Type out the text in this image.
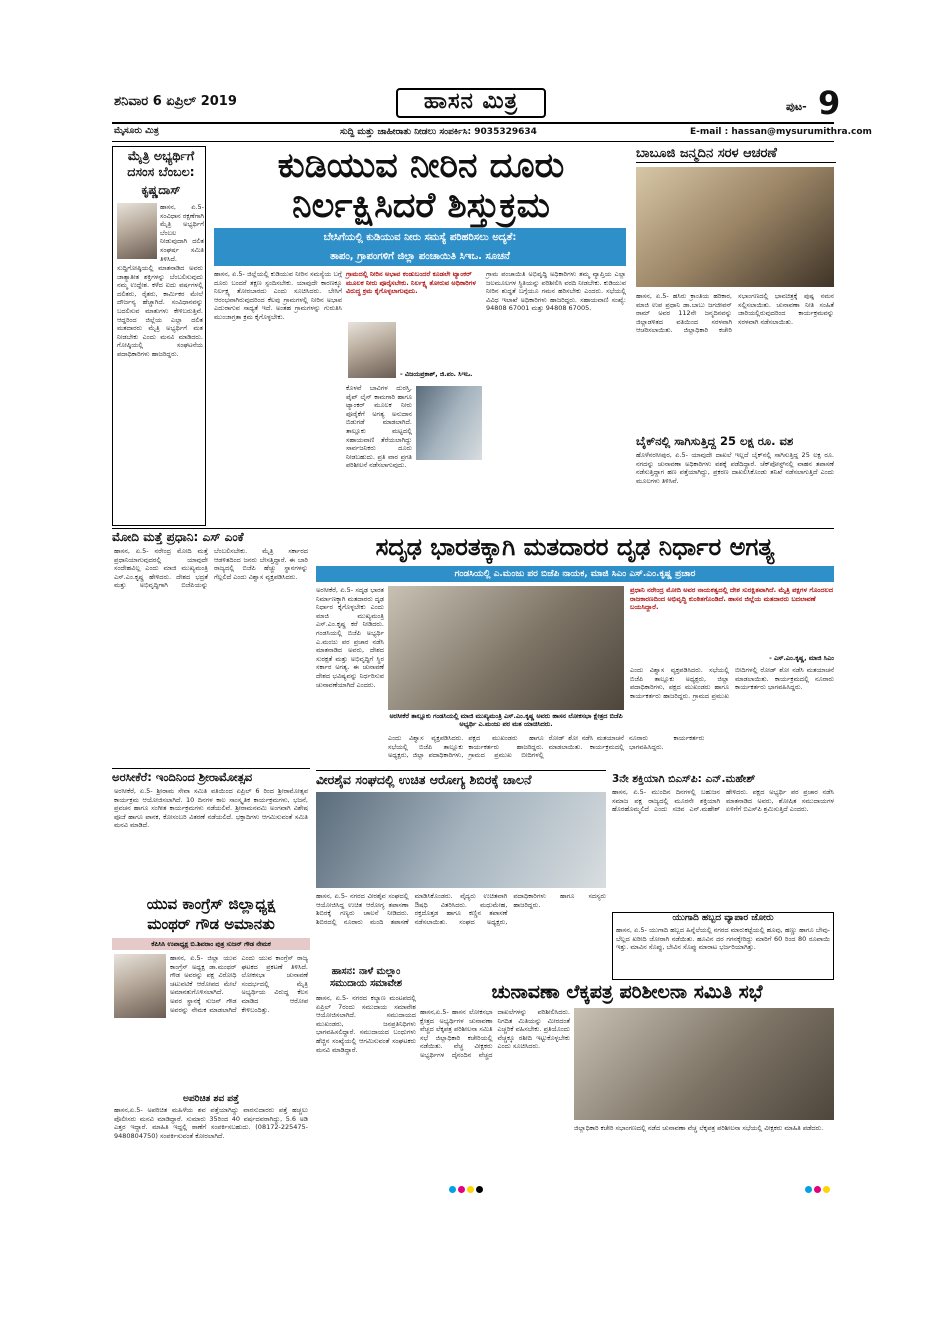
ಶನಿವಾರ 6 ಏಪ್ರಿಲ್ 2019	ಹಾಸನ ಮಿತ್ರ	ಪುಟ- 9
ಮೈಸೂರು ಮಿತ್ರ	ಸುದ್ದಿ ಮತ್ತು ಜಾಹೀರಾತು ನೀಡಲು ಸಂಪರ್ಕಿಸಿ: 9035329634	E-mail : hassan@mysurumithra.com
ಮೈತ್ರಿ ಅಭ್ಯರ್ಥಿಗೆ
ದಸಂಸ ಬೆಂಬಲ:
ಕೃಷ್ಣದಾಸ್
ಹಾಸನ, ಏ.5- ಸಂವಿಧಾನ ರಕ್ಷಣೆಗಾಗಿ ಮೈತ್ರಿ ಅಭ್ಯರ್ಥಿಗೆ ಬೆಂಬಲ ನೀಡುವುದಾಗಿ ದಲಿತ ಸಂಘರ್ಷ ಸಮಿತಿ ತಿಳಿಸಿದೆ.
ಸುದ್ದಿಗೋಷ್ಠಿಯಲ್ಲಿ ಮಾತನಾಡಿದ ಅವರು ಜಾತ್ಯಾತೀತ ಶಕ್ತಿಗಳನ್ನು ಬೆಂಬಲಿಸುವುದು ನಮ್ಮ ಉದ್ದೇಶ. ಕಳೆದ ಐದು ವರ್ಷಗಳಲ್ಲಿ ದಲಿತರು, ರೈತರು, ಕಾರ್ಮಿಕರ ಮೇಲೆ ದೌರ್ಜನ್ಯ ಹೆಚ್ಚಾಗಿದೆ. ಸಂವಿಧಾನವನ್ನು ಬದಲಿಸುವ ಮಾತುಗಳು ಕೇಳಿಬರುತ್ತಿವೆ. ಆದ್ದರಿಂದ ಜಿಲ್ಲೆಯ ಎಲ್ಲಾ ದಲಿತ ಮತದಾರರು ಮೈತ್ರಿ ಅಭ್ಯರ್ಥಿಗೆ ಮತ ನೀಡಬೇಕು ಎಂದು ಮನವಿ ಮಾಡಿದರು. ಗೋಷ್ಠಿಯಲ್ಲಿ ಸಂಘಟನೆಯ ಪದಾಧಿಕಾರಿಗಳು ಹಾಜರಿದ್ದರು.
ಕುಡಿಯುವ ನೀರಿನ ದೂರು
ನಿರ್ಲಕ್ಷಿಸಿದರೆ ಶಿಸ್ತುಕ್ರಮ
ಬೇಸಿಗೆಯಲ್ಲಿ ಕುಡಿಯುವ ನೀರು ಸಮಸ್ಯೆ ಪರಿಹರಿಸಲು ಅದ್ಯತೆ:
ತಾಪಂ, ಗ್ರಾಪಂಗಳಿಗೆ ಜಿಲ್ಲಾ ಪಂಚಾಯಿತಿ ಸಿಇಒ. ಸೂಚನೆ
ಹಾಸನ, ಏ.5- ಜಿಲ್ಲೆಯಲ್ಲಿ ಕುಡಿಯುವ ನೀರಿನ ಸಮಸ್ಯೆಯ ಬಗ್ಗೆ ದೂರು ಬಂದರೆ ತಕ್ಷಣ ಸ್ಪಂದಿಸಬೇಕು. ಯಾವುದೇ ಕಾರಣಕ್ಕೂ ನಿರ್ಲಕ್ಷ್ಯ ತೋರಬಾರದು ಎಂದು ಸೂಚಿಸಿದರು. ಬೇಸಿಗೆ ಆರಂಭವಾಗಿರುವುದರಿಂದ ಕೆಲವು ಗ್ರಾಮಗಳಲ್ಲಿ ನೀರಿನ ಅಭಾವ ಎದುರಾಗುವ ಸಾಧ್ಯತೆ ಇದೆ. ಅಂತಹ ಗ್ರಾಮಗಳನ್ನು ಗುರುತಿಸಿ ಮುಂಜಾಗ್ರತಾ ಕ್ರಮ ಕೈಗೊಳ್ಳಬೇಕು.
ಗ್ರಾಮದಲ್ಲಿ ನೀರಿನ ಅಭಾವ ಕಂಡುಬಂದರೆ ಕೂಡಲೇ ಟ್ಯಾಂಕರ್ ಮೂಲಕ ನೀರು ಪೂರೈಸಬೇಕು. ನಿರ್ಲಕ್ಷ್ಯ ತೋರುವ ಅಧಿಕಾರಿಗಳ ವಿರುದ್ಧ ಕ್ರಮ ಕೈಗೊಳ್ಳಲಾಗುವುದು.
- ವಿಜಯಪ್ರಕಾಶ್, ಜಿ.ಪಂ. ಸಿಇಒ.
ಕೊಳವೆ ಬಾವಿಗಳ ದುರಸ್ತಿ, ಪೈಪ್ ಲೈನ್ ಕಾಮಗಾರಿ ಹಾಗೂ ಟ್ಯಾಂಕರ್ ಮೂಲಕ ನೀರು ಪೂರೈಕೆಗೆ ಅಗತ್ಯ ಅನುದಾನ ಬಿಡುಗಡೆ ಮಾಡಲಾಗಿದೆ. ತಾಲ್ಲೂಕು ಮಟ್ಟದಲ್ಲಿ ಸಹಾಯವಾಣಿ ತೆರೆಯಲಾಗಿದ್ದು ಸಾರ್ವಜನಿಕರು ದೂರು ನೀಡಬಹುದು. ಪ್ರತಿ ವಾರ ಪ್ರಗತಿ ಪರಿಶೀಲನೆ ನಡೆಸಲಾಗುವುದು.
ಗ್ರಾಮ ಪಂಚಾಯಿತಿ ಅಭಿವೃದ್ಧಿ ಅಧಿಕಾರಿಗಳು ತಮ್ಮ ವ್ಯಾಪ್ತಿಯ ಎಲ್ಲಾ ಜಲಮೂಲಗಳ ಸ್ಥಿತಿಯನ್ನು ಪರಿಶೀಲಿಸಿ ವರದಿ ನೀಡಬೇಕು. ಕುಡಿಯುವ ನೀರಿನ ಶುದ್ಧತೆ ಬಗ್ಗೆಯೂ ಗಮನ ಹರಿಸಬೇಕು ಎಂದರು. ಸಭೆಯಲ್ಲಿ ವಿವಿಧ ಇಲಾಖೆ ಅಧಿಕಾರಿಗಳು ಹಾಜರಿದ್ದರು. ಸಹಾಯವಾಣಿ ಸಂಖ್ಯೆ: 94808 67001 ಮತ್ತು 94808 67005.
ಬಾಬೂಜಿ ಜನ್ಮದಿನ ಸರಳ ಆಚರಣೆ
ಹಾಸನ, ಏ.5- ಹಸಿರು ಕ್ರಾಂತಿಯ ಹರಿಕಾರ, ಮಾಜಿ ಉಪ ಪ್ರಧಾನಿ ಡಾ.ಬಾಬು ಜಗಜೀವನ್ ರಾಮ್ ಅವರ 112ನೇ ಜನ್ಮದಿನವನ್ನು ಜಿಲ್ಲಾಡಳಿತದ ವತಿಯಿಂದ ಸರಳವಾಗಿ ಆಚರಿಸಲಾಯಿತು. ಜಿಲ್ಲಾಧಿಕಾರಿ ಕಚೇರಿ ಸಭಾಂಗಣದಲ್ಲಿ ಭಾವಚಿತ್ರಕ್ಕೆ ಪುಷ್ಪ ನಮನ ಸಲ್ಲಿಸಲಾಯಿತು. ಚುನಾವಣಾ ನೀತಿ ಸಂಹಿತೆ ಜಾರಿಯಲ್ಲಿರುವುದರಿಂದ ಕಾರ್ಯಕ್ರಮವನ್ನು ಸರಳವಾಗಿ ನಡೆಸಲಾಯಿತು.
ಬೈಕ್‌ನಲ್ಲಿ ಸಾಗಿಸುತ್ತಿದ್ದ 25 ಲಕ್ಷ ರೂ. ವಶ
ಹೊಳೆನರಸೀಪುರ, ಏ.5- ಯಾವುದೇ ದಾಖಲೆ ಇಲ್ಲದೆ ಬೈಕ್‌ನಲ್ಲಿ ಸಾಗಿಸುತ್ತಿದ್ದ 25 ಲಕ್ಷ ರೂ. ನಗದನ್ನು ಚುನಾವಣಾ ಅಧಿಕಾರಿಗಳು ವಶಕ್ಕೆ ಪಡೆದಿದ್ದಾರೆ. ಚೆಕ್‌ಪೋಸ್ಟ್‌ನಲ್ಲಿ ವಾಹನ ತಪಾಸಣೆ ನಡೆಸುತ್ತಿದ್ದಾಗ ಹಣ ಪತ್ತೆಯಾಗಿದ್ದು, ಪ್ರಕರಣ ದಾಖಲಿಸಿಕೊಂಡು ತನಿಖೆ ನಡೆಸಲಾಗುತ್ತಿದೆ ಎಂದು ಮೂಲಗಳು ತಿಳಿಸಿವೆ.
ಮೋದಿ ಮತ್ತೆ ಪ್ರಧಾನಿ: ಎಸ್ ಎಂಕೆ
ಹಾಸನ, ಏ.5- ನರೇಂದ್ರ ಮೋದಿ ಮತ್ತೆ ಪ್ರಧಾನಿಯಾಗುವುದರಲ್ಲಿ ಯಾವುದೇ ಸಂದೇಹವಿಲ್ಲ ಎಂದು ಮಾಜಿ ಮುಖ್ಯಮಂತ್ರಿ ಎಸ್.ಎಂ.ಕೃಷ್ಣ ಹೇಳಿದರು. ದೇಶದ ಭದ್ರತೆ ಮತ್ತು ಅಭಿವೃದ್ಧಿಗಾಗಿ ಬಿಜೆಪಿಯನ್ನು ಬೆಂಬಲಿಸಬೇಕು. ಮೈತ್ರಿ ಸರ್ಕಾರದ ಆಡಳಿತದಿಂದ ಜನರು ಬೇಸತ್ತಿದ್ದಾರೆ. ಈ ಬಾರಿ ರಾಜ್ಯದಲ್ಲಿ ಬಿಜೆಪಿ ಹೆಚ್ಚು ಸ್ಥಾನಗಳನ್ನು ಗೆಲ್ಲಲಿದೆ ಎಂದು ವಿಶ್ವಾಸ ವ್ಯಕ್ತಪಡಿಸಿದರು.
ಸದೃಢ ಭಾರತಕ್ಕಾಗಿ ಮತದಾರರ ದೃಢ ನಿರ್ಧಾರ ಅಗತ್ಯ
ಗಂಡಸಿಯಲ್ಲಿ ಎ.ಮಂಜು ಪರ ಬಿಜೆಪಿ ನಾಯಕ, ಮಾಜಿ ಸಿಎಂ ಎಸ್.ಎಂ.ಕೃಷ್ಣ ಪ್ರಚಾರ
ಅರಸೀಕೆರೆ, ಏ.5- ಸದೃಢ ಭಾರತ ನಿರ್ಮಾಣಕ್ಕಾಗಿ ಮತದಾರರು ದೃಢ ನಿರ್ಧಾರ ಕೈಗೊಳ್ಳಬೇಕು ಎಂದು ಮಾಜಿ ಮುಖ್ಯಮಂತ್ರಿ ಎಸ್.ಎಂ.ಕೃಷ್ಣ ಕರೆ ನೀಡಿದರು. ಗಂಡಸಿಯಲ್ಲಿ ಬಿಜೆಪಿ ಅಭ್ಯರ್ಥಿ ಎ.ಮಂಜು ಪರ ಪ್ರಚಾರ ನಡೆಸಿ ಮಾತನಾಡಿದ ಅವರು, ದೇಶದ ಸುರಕ್ಷತೆ ಮತ್ತು ಅಭಿವೃದ್ಧಿಗೆ ಸ್ಥಿರ ಸರ್ಕಾರ ಅಗತ್ಯ. ಈ ಚುನಾವಣೆ ದೇಶದ ಭವಿಷ್ಯವನ್ನು ನಿರ್ಧರಿಸುವ ಚುನಾವಣೆಯಾಗಿದೆ ಎಂದರು.
ಅರಸೀಕೆರೆ ತಾಲ್ಲೂಕು ಗಂಡಸಿಯಲ್ಲಿ ಮಾಜಿ ಮುಖ್ಯಮಂತ್ರಿ ಎಸ್.ಎಂ.ಕೃಷ್ಣ ಅವರು ಹಾಸನ ಲೋಕಸಭಾ ಕ್ಷೇತ್ರದ ಬಿಜೆಪಿ ಅಭ್ಯರ್ಥಿ ಎ.ಮಂಜು ಪರ ಮತ ಯಾಚಿಸಿದರು.
ಎಂದು ವಿಶ್ವಾಸ ವ್ಯಕ್ತಪಡಿಸಿದರು. ಸಭೆಯಲ್ಲಿ ಬಿಜೆಪಿ ತಾಲ್ಲೂಕು ಅಧ್ಯಕ್ಷರು, ಜಿಲ್ಲಾ ಪದಾಧಿಕಾರಿಗಳು, ಪಕ್ಷದ ಮುಖಂಡರು ಹಾಗೂ ಕಾರ್ಯಕರ್ತರು ಹಾಜರಿದ್ದರು. ಗ್ರಾಮದ ಪ್ರಮುಖ ಬೀದಿಗಳಲ್ಲಿ ರೋಡ್ ಶೋ ನಡೆಸಿ ಮತಯಾಚನೆ ಮಾಡಲಾಯಿತು. ಕಾರ್ಯಕ್ರಮದಲ್ಲಿ ನೂರಾರು ಕಾರ್ಯಕರ್ತರು ಭಾಗವಹಿಸಿದ್ದರು.
ಪ್ರಧಾನಿ ನರೇಂದ್ರ ಮೋದಿ ಅವರ ನಾಯಕತ್ವದಲ್ಲಿ ದೇಶ ಸುರಕ್ಷಿತವಾಗಿದೆ. ಮೈತ್ರಿ ಪಕ್ಷಗಳ ಗೊಂದಲದ ರಾಜಕಾರಣದಿಂದ ಅಭಿವೃದ್ಧಿ ಕುಂಠಿತಗೊಂಡಿದೆ. ಹಾಸನ ಜಿಲ್ಲೆಯ ಮತದಾರರು ಬದಲಾವಣೆ ಬಯಸಿದ್ದಾರೆ.
- ಎಸ್.ಎಂ.ಕೃಷ್ಣ, ಮಾಜಿ ಸಿಎಂ
ಎಂದು ವಿಶ್ವಾಸ ವ್ಯಕ್ತಪಡಿಸಿದರು. ಸಭೆಯಲ್ಲಿ ಬಿಜೆಪಿ ತಾಲ್ಲೂಕು ಅಧ್ಯಕ್ಷರು, ಜಿಲ್ಲಾ ಪದಾಧಿಕಾರಿಗಳು, ಪಕ್ಷದ ಮುಖಂಡರು ಹಾಗೂ ಕಾರ್ಯಕರ್ತರು ಹಾಜರಿದ್ದರು. ಗ್ರಾಮದ ಪ್ರಮುಖ ಬೀದಿಗಳಲ್ಲಿ ರೋಡ್ ಶೋ ನಡೆಸಿ ಮತಯಾಚನೆ ಮಾಡಲಾಯಿತು. ಕಾರ್ಯಕ್ರಮದಲ್ಲಿ ನೂರಾರು ಕಾರ್ಯಕರ್ತರು ಭಾಗವಹಿಸಿದ್ದರು.
ಅರಸೀಕೆರೆ: ಇಂದಿನಿಂದ ಶ್ರೀರಾಮೋತ್ಸವ
ಅರಸೀಕೆರೆ, ಏ.5- ಶ್ರೀರಾಮ ಸೇವಾ ಸಮಿತಿ ವತಿಯಿಂದ ಏಪ್ರಿಲ್ 6 ರಿಂದ ಶ್ರೀರಾಮೋತ್ಸವ ಕಾರ್ಯಕ್ರಮ ಆಯೋಜಿಸಲಾಗಿದೆ. 10 ದಿನಗಳ ಕಾಲ ಸಾಂಸ್ಕೃತಿಕ ಕಾರ್ಯಕ್ರಮಗಳು, ಭಜನೆ, ಪ್ರವಚನ ಹಾಗೂ ಸಂಗೀತ ಕಾರ್ಯಕ್ರಮಗಳು ನಡೆಯಲಿವೆ. ಶ್ರೀರಾಮನವಮಿ ಅಂಗವಾಗಿ ವಿಶೇಷ ಪೂಜೆ ಹಾಗೂ ಪಾನಕ, ಕೋಸಂಬರಿ ವಿತರಣೆ ನಡೆಯಲಿದೆ. ಭಕ್ತಾದಿಗಳು ಆಗಮಿಸುವಂತೆ ಸಮಿತಿ ಮನವಿ ಮಾಡಿದೆ.
ಯುವ ಕಾಂಗ್ರೆಸ್ ಜಿಲ್ಲಾಧ್ಯಕ್ಷ
ಮಂಥರ್ ಗೌಡ ಅಮಾನತು
ಕೆಪಿಸಿಸಿ ಉಪಾಧ್ಯಕ್ಷ ಬಿ.ಶಿವರಾಂ ಪುತ್ರ ಸುಜನ್ ಗೌಡ ನೇಮಕ
ಹಾಸನ, ಏ.5- ಜಿಲ್ಲಾ ಯುವ ಕಾಂಗ್ರೆಸ್ ಅಧ್ಯಕ್ಷ ಡಾ.ಮಂಥರ್ ಗೌಡ ಅವರನ್ನು ಪಕ್ಷ ವಿರೋಧಿ ಚಟುವಟಿಕೆ ಆರೋಪದ ಮೇಲೆ ಅಮಾನತುಗೊಳಿಸಲಾಗಿದೆ. ಅವರ ಸ್ಥಾನಕ್ಕೆ ಸುಜನ್ ಗೌಡ ಅವರನ್ನು ನೇಮಕ ಮಾಡಲಾಗಿದೆ ಎಂದು ಯುವ ಕಾಂಗ್ರೆಸ್ ರಾಜ್ಯ ಘಟಕದ ಪ್ರಕಟಣೆ ತಿಳಿಸಿದೆ. ಲೋಕಸಭಾ ಚುನಾವಣೆ ಸಂದರ್ಭದಲ್ಲಿ ಮೈತ್ರಿ ಅಭ್ಯರ್ಥಿಯ ವಿರುದ್ಧ ಕೆಲಸ ಮಾಡಿದ ಆರೋಪ ಕೇಳಿಬಂದಿತ್ತು.
ಅಪರಿಚಿತ ಶವ ಪತ್ತೆ
ಹಾಸನ,ಏ.5- ಅಪರಿಚಿತ ಮಹಿಳೆಯ ಶವ ಪತ್ತೆಯಾಗಿದ್ದು ವಾರಸುದಾರರು ಪತ್ತೆ ಹಚ್ಚಲು ಪೊಲೀಸರು ಮನವಿ ಮಾಡಿದ್ದಾರೆ. ಸುಮಾರು 35ರಿಂದ 40 ವರ್ಷದವರಾಗಿದ್ದು, 5.6 ಅಡಿ ಎತ್ತರ ಇದ್ದಾರೆ. ಮಾಹಿತಿ ಇದ್ದಲ್ಲಿ ಠಾಣೆಗೆ ಸಂಪರ್ಕಿಸಬಹುದು. (08172-225475-9480804750) ಸಂಪರ್ಕಿಸುವಂತೆ ಕೋರಲಾಗಿದೆ.
ವೀರಶೈವ ಸಂಘದಲ್ಲಿ ಉಚಿತ ಆರೋಗ್ಯ ಶಿಬಿರಕ್ಕೆ ಚಾಲನೆ
ಹಾಸನ, ಏ.5- ನಗರದ ವೀರಶೈವ ಸಂಘದಲ್ಲಿ ಆಯೋಜಿಸಿದ್ದ ಉಚಿತ ಆರೋಗ್ಯ ತಪಾಸಣಾ ಶಿಬಿರಕ್ಕೆ ಗಣ್ಯರು ಚಾಲನೆ ನೀಡಿದರು. ಶಿಬಿರದಲ್ಲಿ ನೂರಾರು ಮಂದಿ ತಪಾಸಣೆ ಮಾಡಿಸಿಕೊಂಡರು. ವೈದ್ಯರು ಉಚಿತವಾಗಿ ಔಷಧಿ ವಿತರಿಸಿದರು. ಮಧುಮೇಹ, ರಕ್ತದೊತ್ತಡ ಹಾಗೂ ಕಣ್ಣಿನ ತಪಾಸಣೆ ನಡೆಸಲಾಯಿತು. ಸಂಘದ ಅಧ್ಯಕ್ಷರು, ಪದಾಧಿಕಾರಿಗಳು ಹಾಗೂ ಸದಸ್ಯರು ಹಾಜರಿದ್ದರು.
3ನೇ ಶಕ್ತಿಯಾಗಿ ಬಿಎಸ್‌ಪಿ: ಎನ್.ಮಹೇಶ್
ಹಾಸನ, ಏ.5- ಮುಂದಿನ ದಿನಗಳಲ್ಲಿ ಬಹುಜನ ಸಮಾಜ ಪಕ್ಷ ರಾಜ್ಯದಲ್ಲಿ ಮೂರನೇ ಶಕ್ತಿಯಾಗಿ ಹೊರಹೊಮ್ಮಲಿದೆ ಎಂದು ಸಚಿವ ಎನ್.ಮಹೇಶ್ ಹೇಳಿದರು. ಪಕ್ಷದ ಅಭ್ಯರ್ಥಿ ಪರ ಪ್ರಚಾರ ನಡೆಸಿ ಮಾತನಾಡಿದ ಅವರು, ಶೋಷಿತ ಸಮುದಾಯಗಳ ಏಳಿಗೆಗೆ ಬಿಎಸ್‌ಪಿ ಶ್ರಮಿಸುತ್ತಿದೆ ಎಂದರು.
ಯುಗಾದಿ ಹಬ್ಬದ ವ್ಯಾಪಾರ ಜೋರು
ಹಾಸನ, ಏ.5- ಯುಗಾದಿ ಹಬ್ಬದ ಹಿನ್ನೆಲೆಯಲ್ಲಿ ನಗರದ ಮಾರುಕಟ್ಟೆಯಲ್ಲಿ ಹೂವು, ಹಣ್ಣು ಹಾಗೂ ಬೇವು-ಬೆಲ್ಲದ ಖರೀದಿ ಜೋರಾಗಿ ನಡೆಯಿತು. ಹೂವಿನ ದರ ಗಗನಕ್ಕೇರಿದ್ದು ಮಾರಿಗೆ 60 ರಿಂದ 80 ರೂಪಾಯಿ ಇತ್ತು. ಮಾವಿನ ಸೊಪ್ಪು, ಬೇವಿನ ಸೊಪ್ಪು ಮಾರಾಟ ಭರ್ಜರಿಯಾಗಿತ್ತು.
ಹಾಸನ: ನಾಳೆ ಮಲ್ಲಾಂ
ಸಮುದಾಯ ಸಮಾವೇಶ
ಹಾಸನ, ಏ.5- ನಗರದ ಕಲ್ಯಾಣ ಮಂಟಪದಲ್ಲಿ ಏಪ್ರಿಲ್ 7ರಂದು ಸಮುದಾಯ ಸಮಾವೇಶ ಆಯೋಜಿಸಲಾಗಿದೆ. ಸಮುದಾಯದ ಮುಖಂಡರು, ಜನಪ್ರತಿನಿಧಿಗಳು ಭಾಗವಹಿಸಲಿದ್ದಾರೆ. ಸಮುದಾಯದ ಬಂಧುಗಳು ಹೆಚ್ಚಿನ ಸಂಖ್ಯೆಯಲ್ಲಿ ಆಗಮಿಸುವಂತೆ ಸಂಘಟಕರು ಮನವಿ ಮಾಡಿದ್ದಾರೆ.
ಚುನಾವಣಾ ಲೆಕ್ಕಪತ್ರ ಪರಿಶೀಲನಾ ಸಮಿತಿ ಸಭೆ
ಹಾಸನ,ಏ.5- ಹಾಸನ ಲೋಕಸಭಾ ಕ್ಷೇತ್ರದ ಅಭ್ಯರ್ಥಿಗಳ ಚುನಾವಣಾ ವೆಚ್ಚದ ಲೆಕ್ಕಪತ್ರ ಪರಿಶೀಲನಾ ಸಮಿತಿ ಸಭೆ ಜಿಲ್ಲಾಧಿಕಾರಿ ಕಚೇರಿಯಲ್ಲಿ ನಡೆಯಿತು. ವೆಚ್ಚ ವೀಕ್ಷಕರು ಅಭ್ಯರ್ಥಿಗಳ ದೈನಂದಿನ ವೆಚ್ಚದ ದಾಖಲೆಗಳನ್ನು ಪರಿಶೀಲಿಸಿದರು. ನಿಗದಿತ ಮಿತಿಯನ್ನು ಮೀರದಂತೆ ಎಚ್ಚರಿಕೆ ವಹಿಸಬೇಕು. ಪ್ರತಿಯೊಂದು ವೆಚ್ಚಕ್ಕೂ ರಶೀದಿ ಇಟ್ಟುಕೊಳ್ಳಬೇಕು ಎಂದು ಸೂಚಿಸಿದರು.
ಜಿಲ್ಲಾಧಿಕಾರಿ ಕಚೇರಿ ಸಭಾಂಗಣದಲ್ಲಿ ನಡೆದ ಚುನಾವಣಾ ವೆಚ್ಚ ಲೆಕ್ಕಪತ್ರ ಪರಿಶೀಲನಾ ಸಭೆಯಲ್ಲಿ ವೀಕ್ಷಕರು ಮಾಹಿತಿ ಪಡೆದರು.
